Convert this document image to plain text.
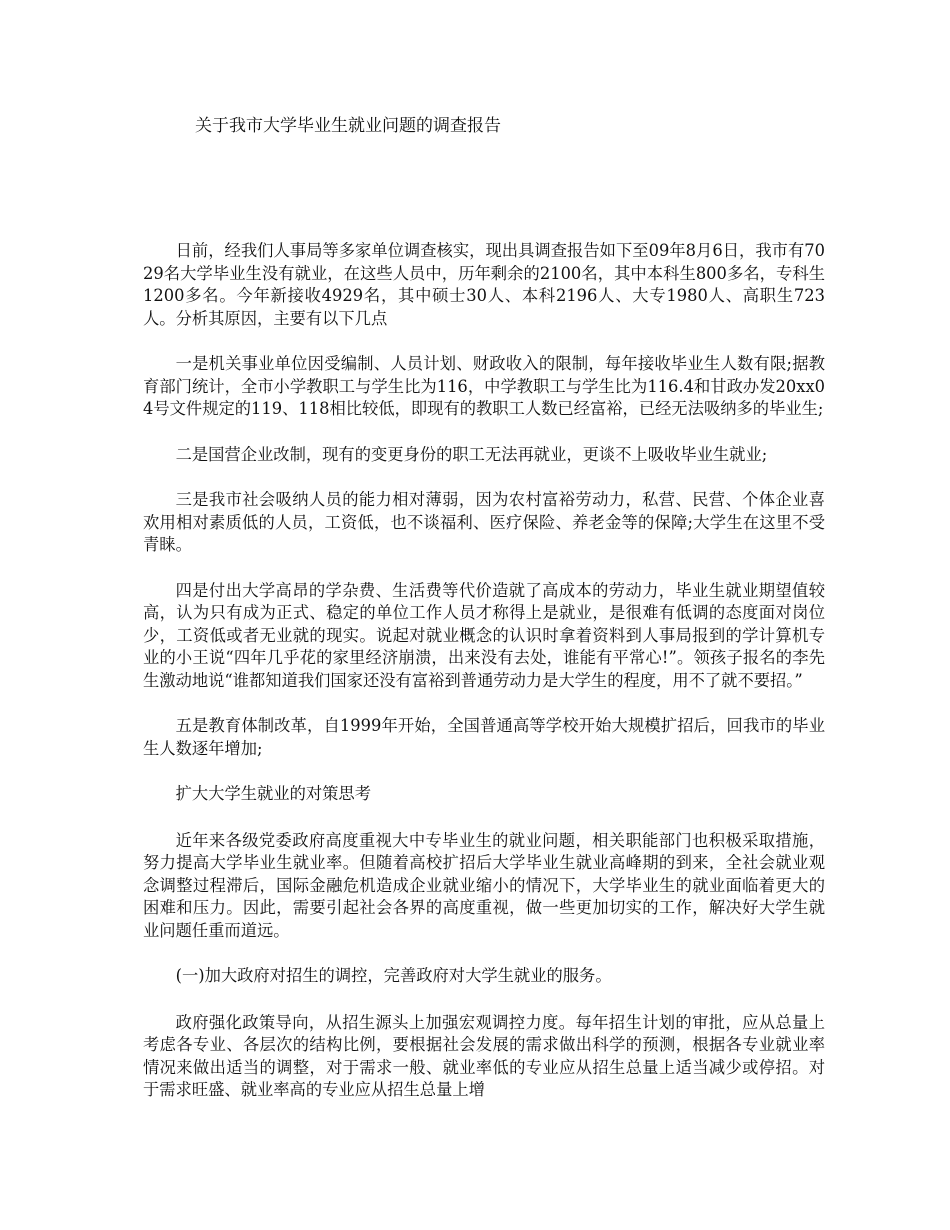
关于我市大学毕业生就业问题的调查报告

日前，经我们人事局等多家单位调查核实，现出具调查报告如下至09年8月6日，我市有7029名大学毕业生没有就业，在这些人员中，历年剩余的2100名，其中本科生800多名，专科生1200多名。今年新接收4929名，其中硕士30人、本科2196人、大专1980人、高职生723人。分析其原因，主要有以下几点

一是机关事业单位因受编制、人员计划、财政收入的限制，每年接收毕业生人数有限;据教育部门统计，全市小学教职工与学生比为116，中学教职工与学生比为116.4和甘政办发20xx04号文件规定的119、118相比较低，即现有的教职工人数已经富裕，已经无法吸纳多的毕业生;

二是国营企业改制，现有的变更身份的职工无法再就业，更谈不上吸收毕业生就业;

三是我市社会吸纳人员的能力相对薄弱，因为农村富裕劳动力，私营、民营、个体企业喜欢用相对素质低的人员，工资低，也不谈福利、医疗保险、养老金等的保障;大学生在这里不受青睐。

四是付出大学高昂的学杂费、生活费等代价造就了高成本的劳动力，毕业生就业期望值较高，认为只有成为正式、稳定的单位工作人员才称得上是就业，是很难有低调的态度面对岗位少，工资低或者无业就的现实。说起对就业概念的认识时拿着资料到人事局报到的学计算机专业的小王说“四年几乎花的家里经济崩溃，出来没有去处，谁能有平常心!”。领孩子报名的李先生激动地说“谁都知道我们国家还没有富裕到普通劳动力是大学生的程度，用不了就不要招。”

五是教育体制改革，自1999年开始，全国普通高等学校开始大规模扩招后，回我市的毕业生人数逐年增加;

扩大大学生就业的对策思考

近年来各级党委政府高度重视大中专毕业生的就业问题，相关职能部门也积极采取措施，努力提高大学毕业生就业率。但随着高校扩招后大学毕业生就业高峰期的到来，全社会就业观念调整过程滞后，国际金融危机造成企业就业缩小的情况下，大学毕业生的就业面临着更大的困难和压力。因此，需要引起社会各界的高度重视，做一些更加切实的工作，解决好大学生就业问题任重而道远。

(一)加大政府对招生的调控，完善政府对大学生就业的服务。

政府强化政策导向，从招生源头上加强宏观调控力度。每年招生计划的审批，应从总量上考虑各专业、各层次的结构比例，要根据社会发展的需求做出科学的预测，根据各专业就业率情况来做出适当的调整，对于需求一般、就业率低的专业应从招生总量上适当减少或停招。对于需求旺盛、就业率高的专业应从招生总量上增
